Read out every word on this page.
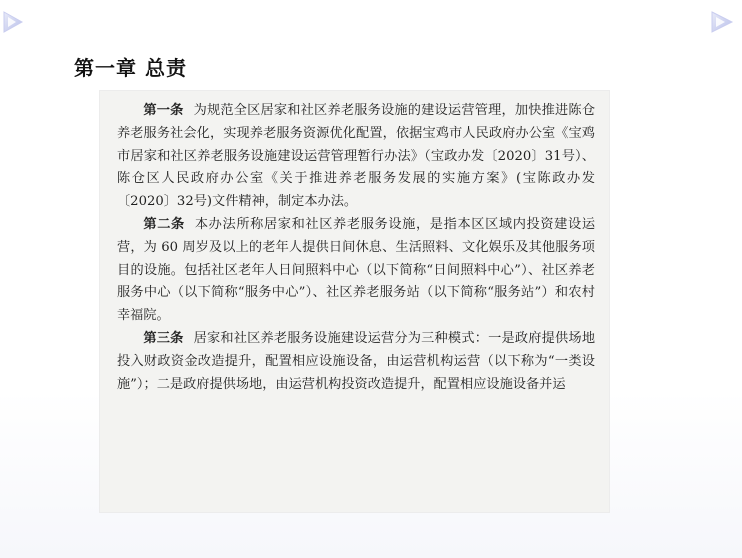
第一章 总责

第一条 为规范全区居家和社区养老服务设施的建设运营管理，加快推进陈仓养老服务社会化，实现养老服务资源优化配置，依据宝鸡市人民政府办公室《宝鸡市居家和社区养老服务设施建设运营管理暂行办法》（宝政办发〔2020〕31号）、陈仓区人民政府办公室《关于推进养老服务发展的实施方案》(宝陈政办发〔2020〕32号)文件精神，制定本办法。

第二条 本办法所称居家和社区养老服务设施，是指本区区域内投资建设运营，为 60 周岁及以上的老年人提供日间休息、生活照料、文化娱乐及其他服务项目的设施。包括社区老年人日间照料中心（以下简称“日间照料中心”）、社区养老服务中心（以下简称“服务中心”）、社区养老服务站（以下简称“服务站”）和农村幸福院。

第三条 居家和社区养老服务设施建设运营分为三种模式：一是政府提供场地投入财政资金改造提升，配置相应设施设备，由运营机构运营（以下称为“一类设施”）；二是政府提供场地，由运营机构投资改造提升，配置相应设施设备并运
